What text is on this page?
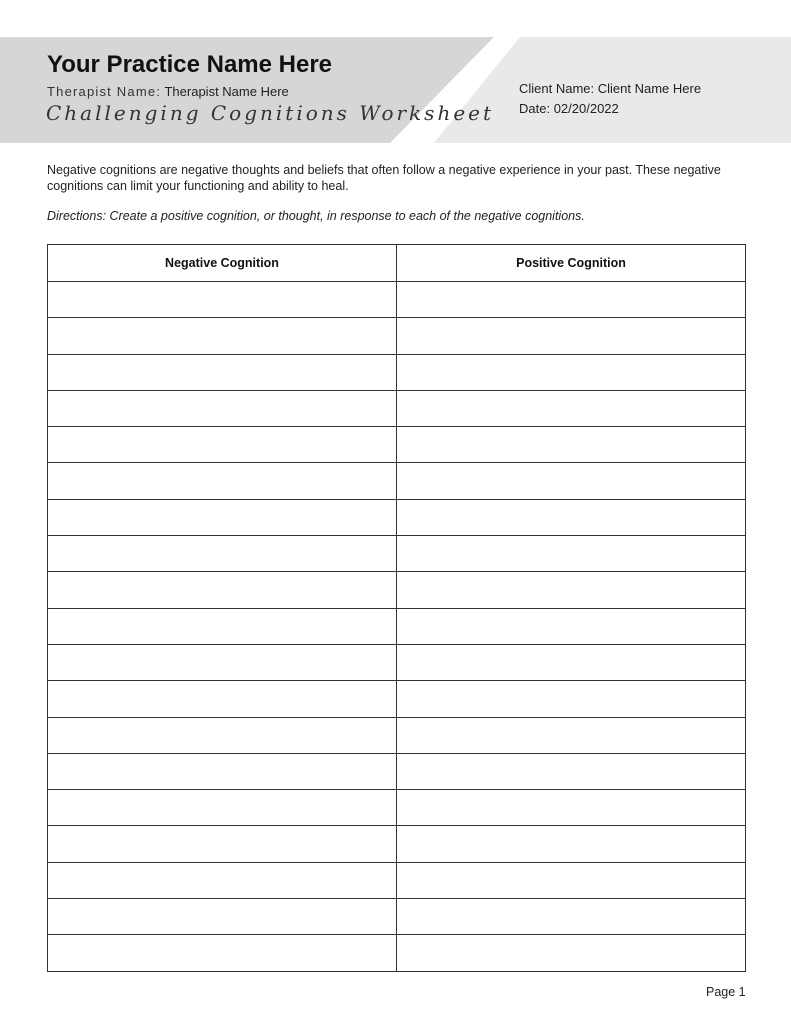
Your Practice Name Here
Therapist Name: Therapist Name Here
Challenging Cognitions Worksheet
Client Name: Client Name Here
Date: 02/20/2022
Negative cognitions are negative thoughts and beliefs that often follow a negative experience in your past. These negative cognitions can limit your functioning and ability to heal.
Directions: Create a positive cognition, or thought, in response to each of the negative cognitions.
Negative Cognition	Positive Cognition

Page 1
